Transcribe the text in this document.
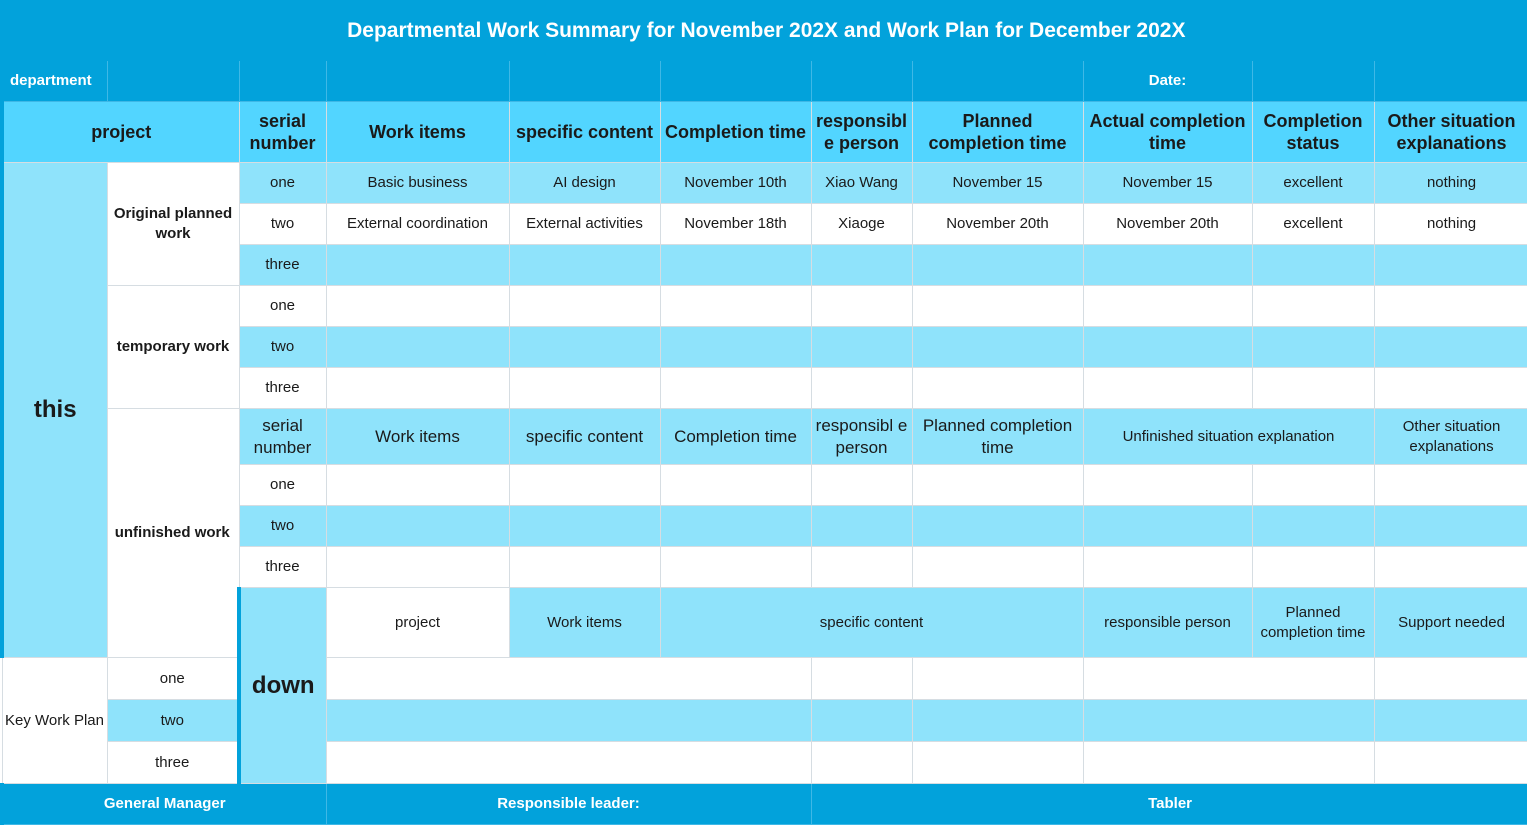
Departmental Work Summary for November 202X and Work Plan for December 202X											
department								Date:			
project		serial number	Work items	specific content	Completion time	responsibl e person	Planned completion time	Actual completion time	Completion status	Other situation explanations	
this	Original planned work	one	Basic business	AI design	November 10th	Xiao Wang	November 15	November 15	excellent	nothing	
		two	External coordination	External activities	November 18th	Xiaoge	November 20th	November 20th	excellent	nothing	
		three									
	temporary work	one									
		two									
		three									
	unfinished work	serial number	Work items	specific content	Completion time	responsibl e person	Planned completion time	Unfinished situation explanation		Other situation explanations	
		one									
		two									
		three									
		down	project	Work items	specific content			responsible person	Planned completion time	Support needed	
Key Work Plan	one										
	two										
	three										
General Manager			Responsible leader:			Tabler					
